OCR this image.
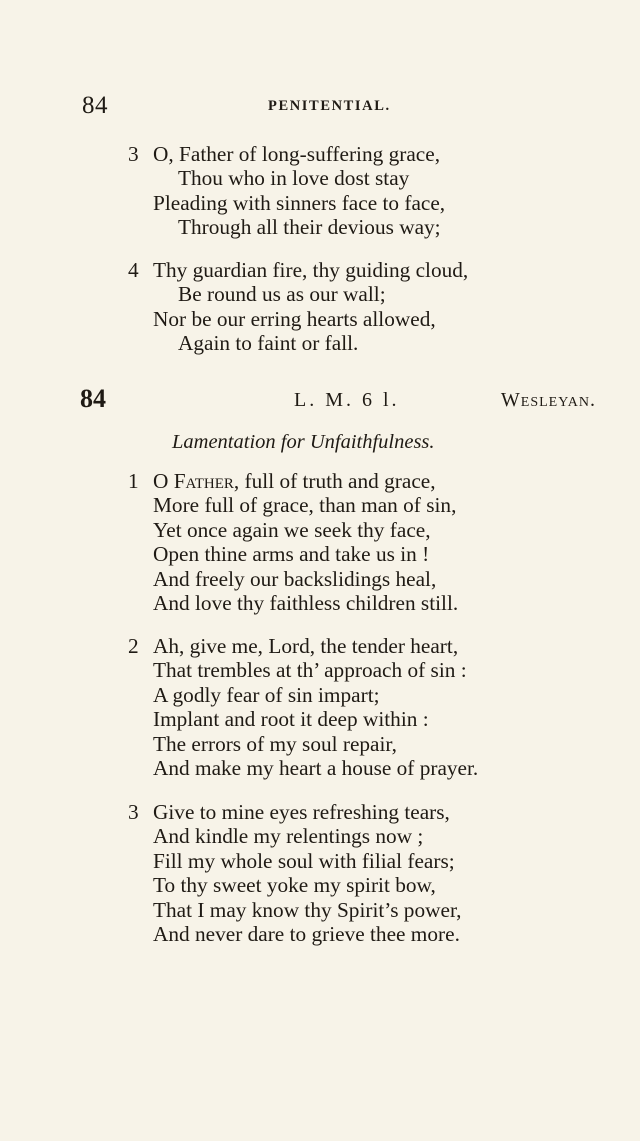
84	PENITENTIAL.
3 O, Father of long-suffering grace,
Thou who in love dost stay
Pleading with sinners face to face,
Through all their devious way;
4 Thy guardian fire, thy guiding cloud,
Be round us as our wall;
Nor be our erring hearts allowed,
Again to faint or fall.
84	L. M. 6 l.	Wesleyan.
Lamentation for Unfaithfulness.
1 O Father, full of truth and grace,
More full of grace, than man of sin,
Yet once again we seek thy face,
Open thine arms and take us in !
And freely our backslidings heal,
And love thy faithless children still.
2 Ah, give me, Lord, the tender heart,
That trembles at th’ approach of sin :
A godly fear of sin impart;
Implant and root it deep within :
The errors of my soul repair,
And make my heart a house of prayer.
3 Give to mine eyes refreshing tears,
And kindle my relentings now ;
Fill my whole soul with filial fears;
To thy sweet yoke my spirit bow,
That I may know thy Spirit’s power,
And never dare to grieve thee more.
